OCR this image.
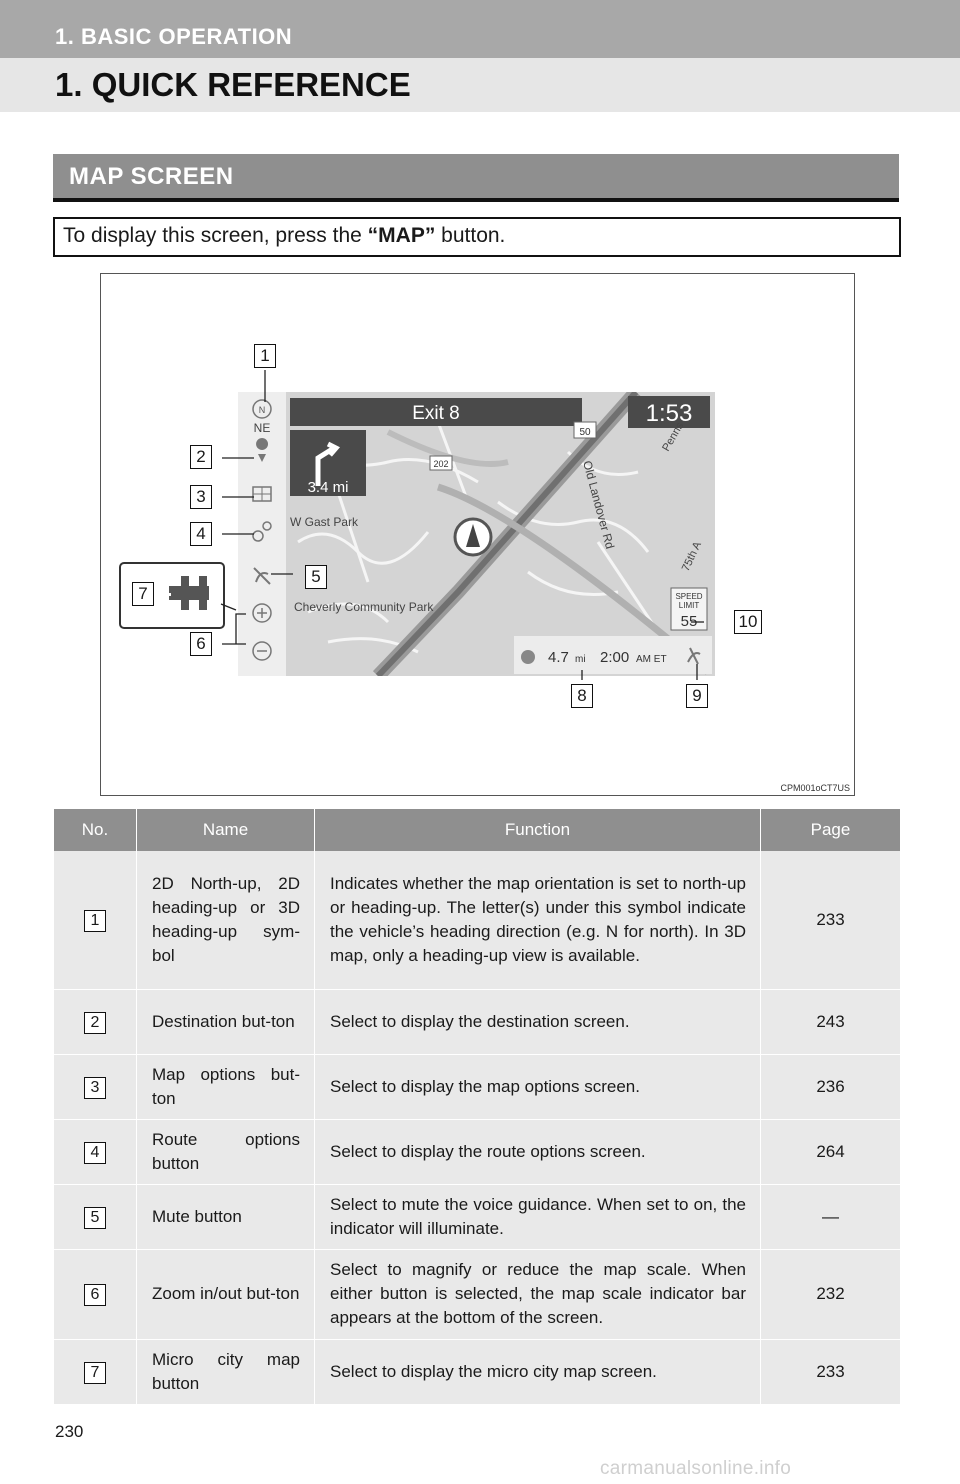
1. BASIC OPERATION
1. QUICK REFERENCE
MAP SCREEN
To display this screen, press the “MAP” button.
Exit 8	1:53
3.4 mi
50
202
N
NE
W Gast Park
Cheverly Community Park
Old Landover Rd
Penns
75th A
SPEED
LIMIT
55
4.7 mi 2:00 AM ET
1
2
3
4
5
6
7
8	9
10
CPM001oCT7US
No.	Name	Function	Page
1	2D North-up, 2D heading-up or 3D heading-up sym-bol	Indicates whether the map orientation is set to north-up or heading-up. The letter(s) under this symbol indicate the vehicle’s heading direction (e.g. N for north). In 3D map, only a heading-up view is available.	233
2	Destination but-ton	Select to display the destination screen.	243
3	Map options but-ton	Select to display the map options screen.	236
4	Route options button	Select to display the route options screen.	264
5	Mute button	Select to mute the voice guidance. When set to on, the indicator will illuminate.	—
6	Zoom in/out but-ton	Select to magnify or reduce the map scale. When either button is selected, the map scale indicator bar appears at the bottom of the screen.	232
7	Micro city map button	Select to display the micro city map screen.	233
230
carmanualsonline.info
